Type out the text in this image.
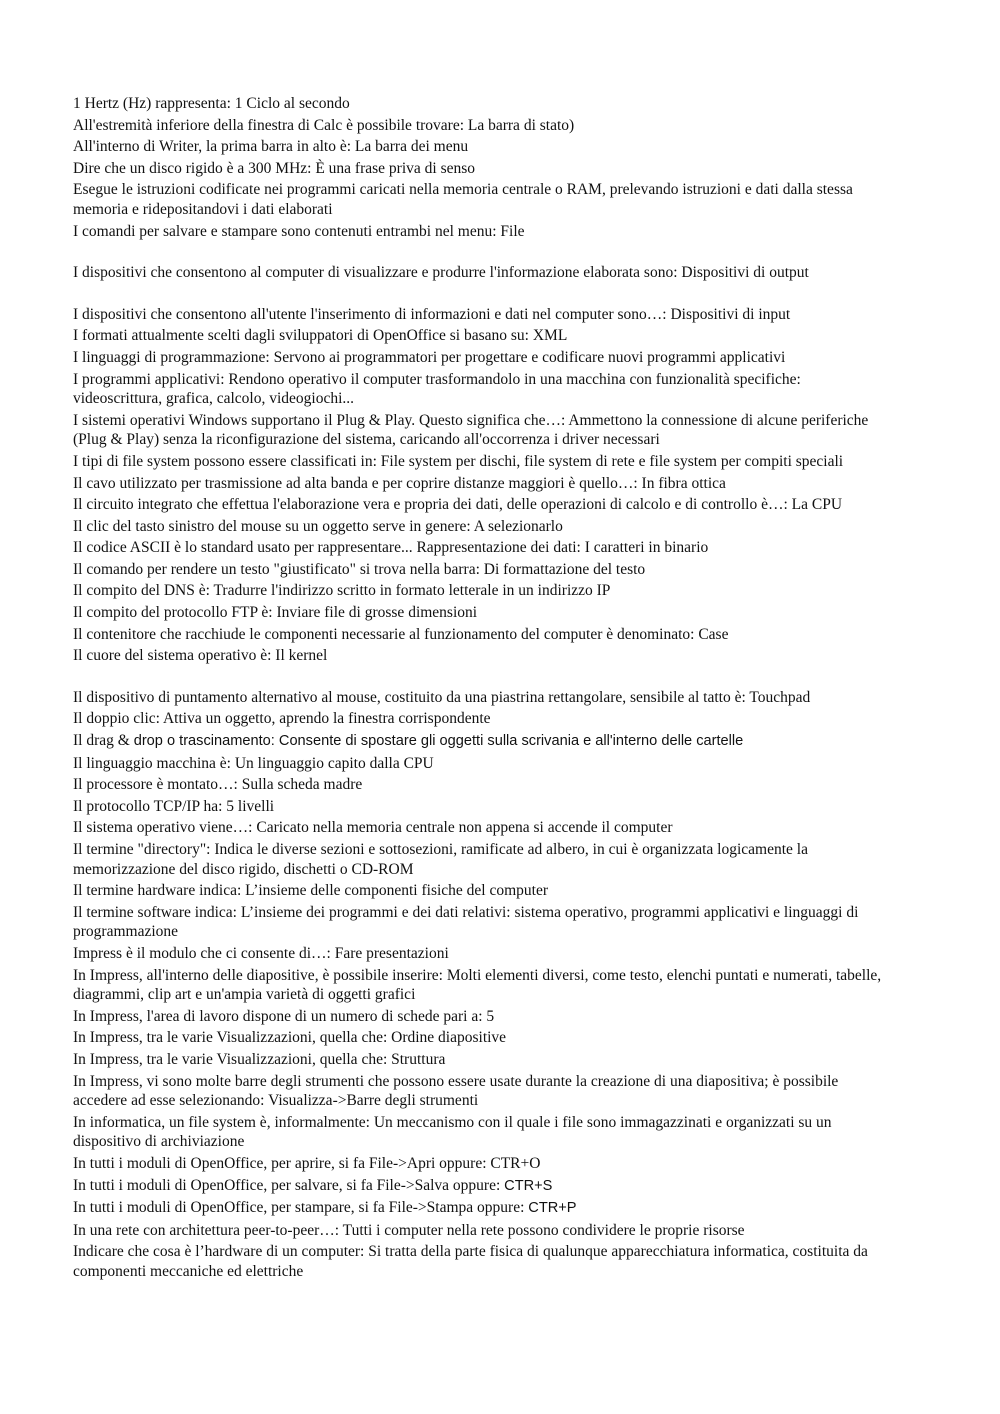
1 Hertz (Hz) rappresenta: 1 Ciclo al secondo
All'estremità inferiore della finestra di Calc è possibile trovare: La barra di stato)
All'interno di Writer, la prima barra in alto è: La barra dei menu
Dire che un disco rigido è a 300 MHz: È una frase priva di senso
Esegue le istruzioni codificate nei programmi caricati nella memoria centrale o RAM, prelevando istruzioni e dati dalla stessa memoria e ridepositandovi i dati elaborati
I comandi per salvare e stampare sono contenuti entrambi nel menu: File
I dispositivi che consentono al computer di visualizzare e produrre l'informazione elaborata sono: Dispositivi di output
I dispositivi che consentono all'utente l'inserimento di informazioni e dati nel computer sono…: Dispositivi di input
I formati attualmente scelti dagli sviluppatori di OpenOffice si basano su: XML
I linguaggi di programmazione: Servono ai programmatori per progettare e codificare nuovi programmi applicativi
I programmi applicativi: Rendono operativo il computer trasformandolo in una macchina con funzionalità specifiche: videoscrittura, grafica, calcolo, videogiochi...
I sistemi operativi Windows supportano il Plug & Play. Questo significa che…: Ammettono la connessione di alcune periferiche (Plug & Play) senza la riconfigurazione del sistema, caricando all'occorrenza i driver necessari
I tipi di file system possono essere classificati in: File system per dischi, file system di rete e file system per compiti speciali
Il cavo utilizzato per trasmissione ad alta banda e per coprire distanze maggiori è quello…: In fibra ottica
Il circuito integrato che effettua l'elaborazione vera e propria dei dati, delle operazioni di calcolo e di controllo è…: La CPU
Il clic del tasto sinistro del mouse su un oggetto serve in genere: A selezionarlo
Il codice ASCII è lo standard usato per rappresentare... Rappresentazione dei dati: I caratteri in binario
Il comando per rendere un testo "giustificato" si trova nella barra: Di formattazione del testo
Il compito del DNS è: Tradurre l'indirizzo scritto in formato letterale in un indirizzo IP
Il compito del protocollo FTP è: Inviare file di grosse dimensioni
Il contenitore che racchiude le componenti necessarie al funzionamento del computer è denominato: Case
Il cuore del sistema operativo è: Il kernel
Il dispositivo di puntamento alternativo al mouse, costituito da una piastrina rettangolare, sensibile al tatto è: Touchpad
Il doppio clic: Attiva un oggetto, aprendo la finestra corrispondente
Il drag & drop o trascinamento: Consente di spostare gli oggetti sulla scrivania e all'interno delle cartelle
Il linguaggio macchina è: Un linguaggio capito dalla CPU
Il processore è montato…: Sulla scheda madre
Il protocollo TCP/IP ha: 5 livelli
Il sistema operativo viene…: Caricato nella memoria centrale non appena si accende il computer
Il termine "directory": Indica le diverse sezioni e sottosezioni, ramificate ad albero, in cui è organizzata logicamente la memorizzazione del disco rigido, dischetti o CD-ROM
Il termine hardware indica: L’insieme delle componenti fisiche del computer
Il termine software indica: L’insieme dei programmi e dei dati relativi: sistema operativo, programmi applicativi e linguaggi di programmazione
Impress è il modulo che ci consente di…: Fare presentazioni
In Impress, all'interno delle diapositive, è possibile inserire: Molti elementi diversi, come testo, elenchi puntati e numerati, tabelle, diagrammi, clip art e un'ampia varietà di oggetti grafici
In Impress, l'area di lavoro dispone di un numero di schede pari a: 5
In Impress, tra le varie Visualizzazioni, quella che: Ordine diapositive
In Impress, tra le varie Visualizzazioni, quella che: Struttura
In Impress, vi sono molte barre degli strumenti che possono essere usate durante la creazione di una diapositiva; è possibile accedere ad esse selezionando: Visualizza->Barre degli strumenti
In informatica, un file system è, informalmente: Un meccanismo con il quale i file sono immagazzinati e organizzati su un dispositivo di archiviazione
In tutti i moduli di OpenOffice, per aprire, si fa File->Apri oppure: CTR+O
In tutti i moduli di OpenOffice, per salvare, si fa File->Salva oppure: CTR+S
In tutti i moduli di OpenOffice, per stampare, si fa File->Stampa oppure: CTR+P
In una rete con architettura peer-to-peer…: Tutti i computer nella rete possono condividere le proprie risorse
Indicare che cosa è l’hardware di un computer: Si tratta della parte fisica di qualunque apparecchiatura informatica, costituita da componenti meccaniche ed elettriche
